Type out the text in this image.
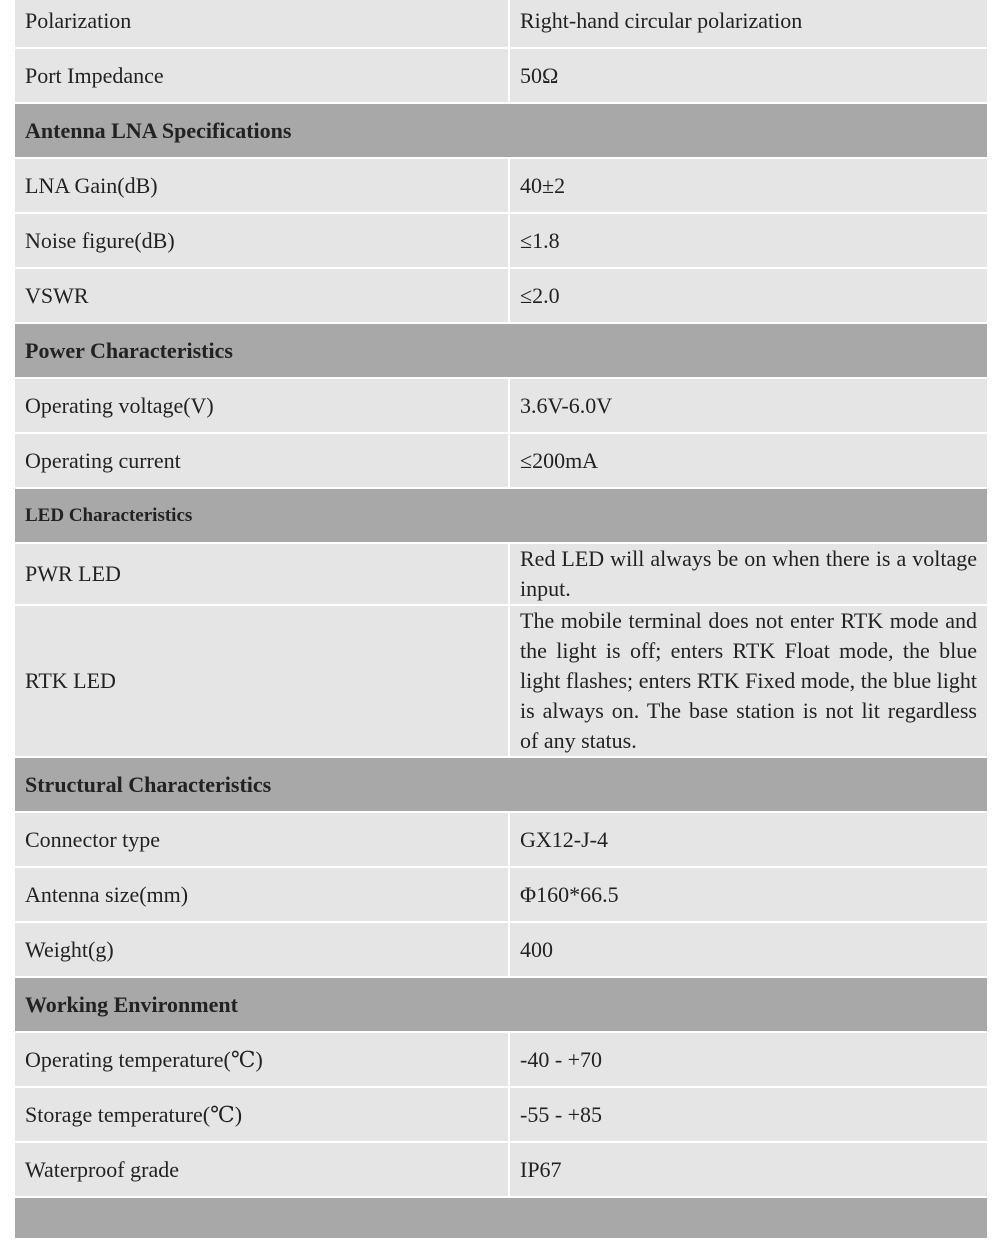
Polarization	Right-hand circular polarization
Port Impedance	50Ω
Antenna LNA Specifications	
LNA Gain(dB)	40±2
Noise figure(dB)	≤1.8
VSWR	≤2.0
Power Characteristics	
Operating voltage(V)	3.6V-6.0V
Operating current	≤200mA
LED Characteristics	
PWR LED	Red LED will always be on when there is a voltage input.
RTK LED	The mobile terminal does not enter RTK mode and the light is off; enters RTK Float mode, the blue light flashes; enters RTK Fixed mode, the blue light is always on. The base station is not lit regardless of any status.
Structural Characteristics	
Connector type	GX12-J-4
Antenna size(mm)	Φ160*66.5
Weight(g)	400
Working Environment	
Operating temperature(℃)	-40 - +70
Storage temperature(℃)	-55 - +85
Waterproof grade	IP67
